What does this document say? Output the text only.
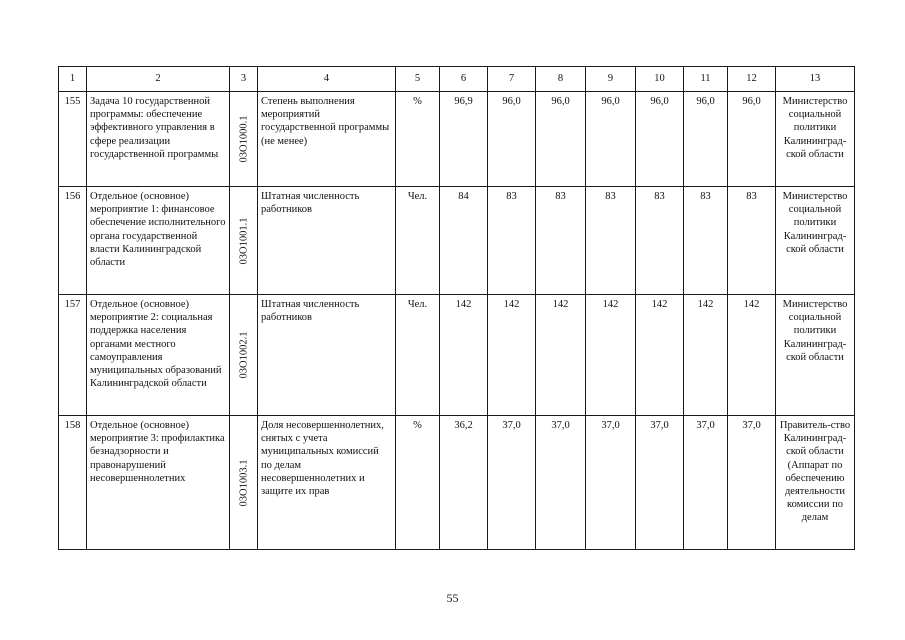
1	2	3	4	5	6	7	8	9	10	11	12	13
155	Задача 10 государственной программы: обеспечение эффективного управления в сфере реализации государственной программы	03О1000.1	Степень выполнения мероприятий государственной программы (не менее)	%	96,9	96,0	96,0	96,0	96,0	96,0	96,0	Министерство социальной политики Калининград-ской области
156	Отдельное (основное) мероприятие 1: финансовое обеспечение исполнительного органа государственной власти Калининградской области	03О1001.1	Штатная численность работников	Чел.	84	83	83	83	83	83	83	Министерство социальной политики Калининград-ской области
157	Отдельное (основное) мероприятие 2: социальная поддержка населения органами местного самоуправления муниципальных образований Калининградской области	03О1002.1	Штатная численность работников	Чел.	142	142	142	142	142	142	142	Министерство социальной политики Калининград-ской области
158	Отдельное (основное) мероприятие 3: профилактика безнадзорности и правонарушений несовершеннолетних	03О1003.1	Доля несовершеннолетних, снятых с учета муниципальных комиссий по делам несовершеннолетних и защите их прав	%	36,2	37,0	37,0	37,0	37,0	37,0	37,0	Правитель-ство Калининград-ской области (Аппарат по обеспечению деятельности комиссии по делам
55
